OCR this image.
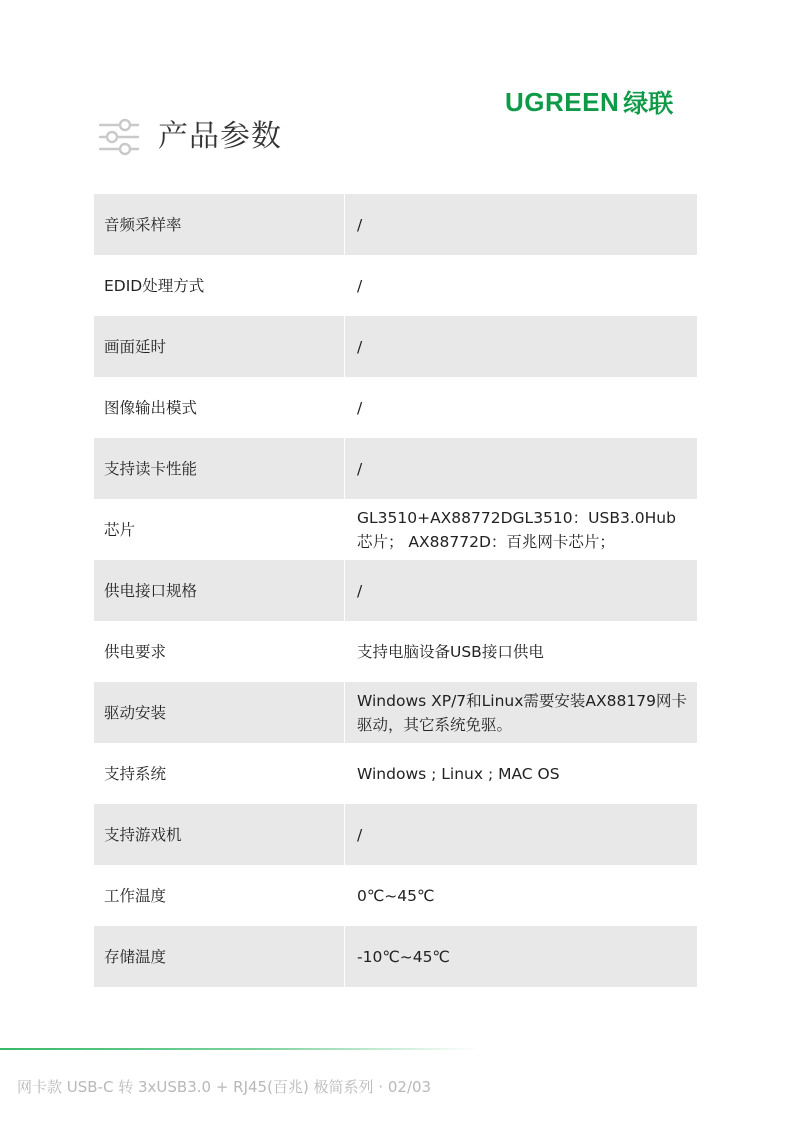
UGREEN 绿联
产品参数
音频采样率	/
EDID处理方式	/
画面延时	/
图像输出模式	/
支持读卡性能	/
芯片	GL3510+AX88772DGL3510：USB3.0Hub芯片； AX88772D：百兆网卡芯片；
供电接口规格	/
供电要求	支持电脑设备USB接口供电
驱动安装	Windows XP/7和Linux需要安装AX88179网卡驱动，其它系统免驱。
支持系统	Windows ; Linux ; MAC OS
支持游戏机	/
工作温度	0℃~45℃
存储温度	-10℃~45℃
网卡款 USB-C 转 3xUSB3.0 + RJ45(百兆) 极简系列 · 02/03
